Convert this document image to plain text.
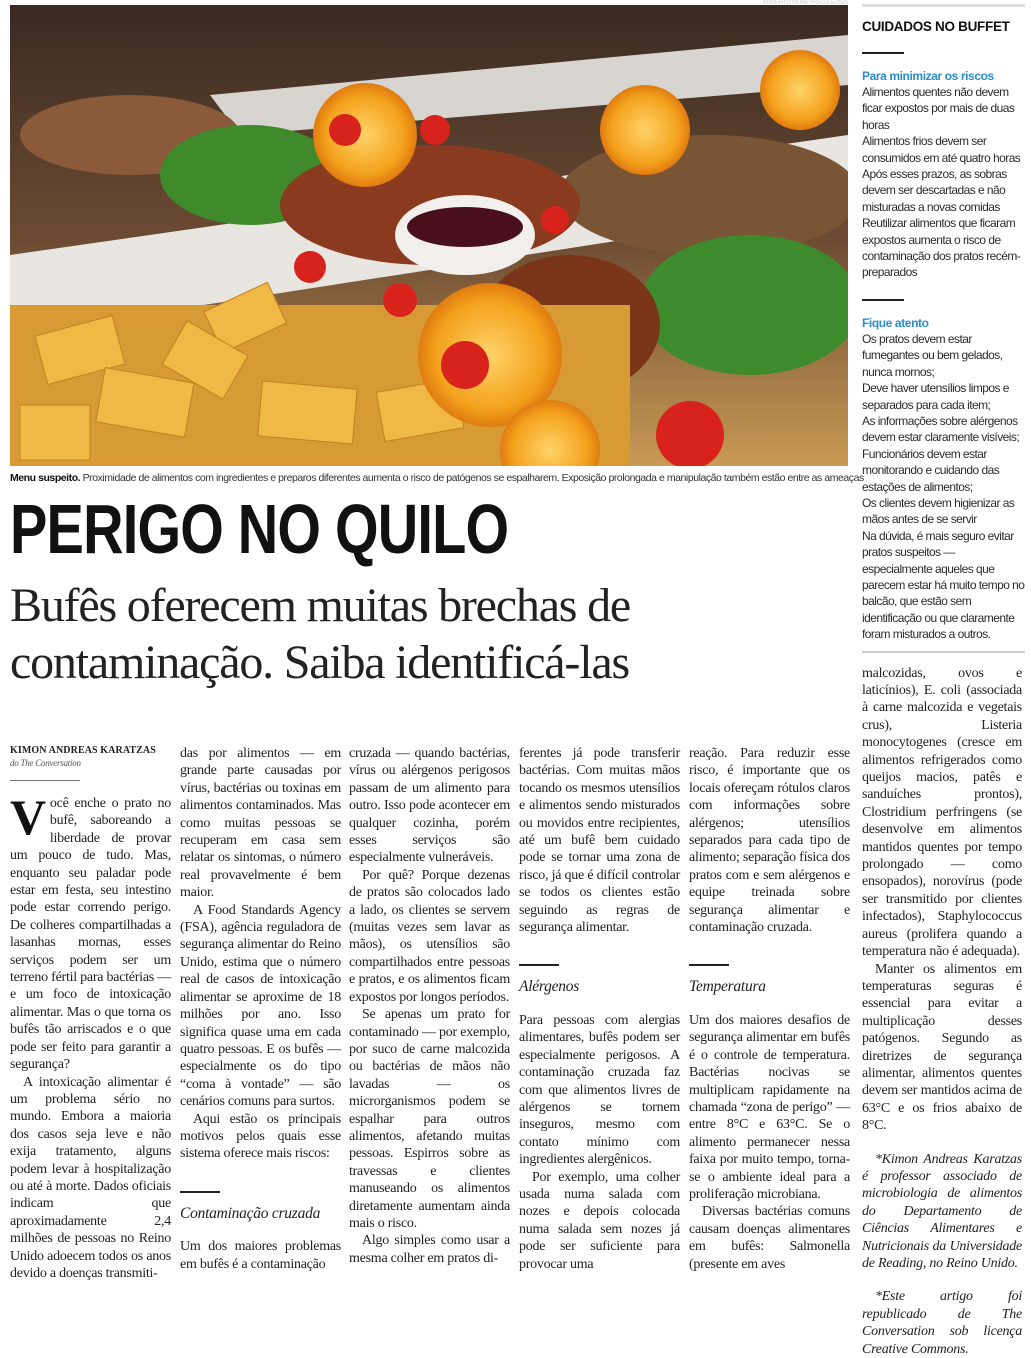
ROBERTO MOREYRA/22-5-2025
Menu suspeito. Proximidade de alimentos com ingredientes e preparos diferentes aumenta o risco de patógenos se espalharem. Exposição prolongada e manipulação também estão entre as ameaças
PERIGO NO QUILO
Bufês oferecem muitas brechas de contaminação. Saiba identificá-las
KIMON ANDREAS KARATZAS
do The Conversation

Você enche o prato no bufê, saboreando a liberdade de provar um pouco de tudo. Mas, enquanto seu paladar pode estar em festa, seu intestino pode estar correndo perigo. De colheres compartilhadas a lasanhas mornas, esses serviços podem ser um terreno fértil para bactérias — e um foco de intoxicação alimentar. Mas o que torna os bufês tão arriscados e o que pode ser feito para garantir a segurança?

A intoxicação alimentar é um problema sério no mundo. Embora a maioria dos casos seja leve e não exija tratamento, alguns podem levar à hospitalização ou até à morte. Dados oficiais indicam que aproximadamente 2,4 milhões de pessoas no Reino Unido adoecem todos os anos devido a doenças transmiti-

das por alimentos — em grande parte causadas por vírus, bactérias ou toxinas em alimentos contaminados. Mas como muitas pessoas se recuperam em casa sem relatar os sintomas, o número real provavelmente é bem maior.

A Food Standards Agency (FSA), agência reguladora de segurança alimentar do Reino Unido, estima que o número real de casos de intoxicação alimentar se aproxime de 18 milhões por ano. Isso significa quase uma em cada quatro pessoas. E os bufês — especialmente os do tipo “coma à vontade” — são cenários comuns para surtos.

Aqui estão os principais motivos pelos quais esse sistema oferece mais riscos:

Contaminação cruzada

Um dos maiores problemas em bufês é a contaminação

cruzada — quando bactérias, vírus ou alérgenos perigosos passam de um alimento para outro. Isso pode acontecer em qualquer cozinha, porém esses serviços são especialmente vulneráveis.

Por quê? Porque dezenas de pratos são colocados lado a lado, os clientes se servem (muitas vezes sem lavar as mãos), os utensílios são compartilhados entre pessoas e pratos, e os alimentos ficam expostos por longos períodos.

Se apenas um prato for contaminado — por exemplo, por suco de carne malcozida ou bactérias de mãos não lavadas — os microrganismos podem se espalhar para outros alimentos, afetando muitas pessoas. Espirros sobre as travessas e clientes manuseando os alimentos diretamente aumentam ainda mais o risco.

Algo simples como usar a mesma colher em pratos di-

ferentes já pode transferir bactérias. Com muitas mãos tocando os mesmos utensílios e alimentos sendo misturados ou movidos entre recipientes, até um bufê bem cuidado pode se tornar uma zona de risco, já que é difícil controlar se todos os clientes estão seguindo as regras de segurança alimentar.

Alérgenos

Para pessoas com alergias alimentares, bufês podem ser especialmente perigosos. A contaminação cruzada faz com que alimentos livres de alérgenos se tornem inseguros, mesmo com contato mínimo com ingredientes alergênicos.

Por exemplo, uma colher usada numa salada com nozes e depois colocada numa salada sem nozes já pode ser suficiente para provocar uma

reação. Para reduzir esse risco, é importante que os locais ofereçam rótulos claros com informações sobre alérgenos; utensílios separados para cada tipo de alimento; separação física dos pratos com e sem alérgenos e equipe treinada sobre segurança alimentar e contaminação cruzada.

Temperatura

Um dos maiores desafios de segurança alimentar em bufês é o controle de temperatura. Bactérias nocivas se multiplicam rapidamente na chamada “zona de perigo” — entre 8°C e 63°C. Se o alimento permanecer nessa faixa por muito tempo, torna-se o ambiente ideal para a proliferação microbiana.

Diversas bactérias comuns causam doenças alimentares em bufês: Salmonella (presente em aves

CUIDADOS NO BUFFET
Para minimizar os riscos
Alimentos quentes não devem ficar expostos por mais de duas horas
Alimentos frios devem ser consumidos em até quatro horas
Após esses prazos, as sobras devem ser descartadas e não misturadas a novas comidas
Reutilizar alimentos que ficaram expostos aumenta o risco de contaminação dos pratos recém-preparados
Fique atento
Os pratos devem estar fumegantes ou bem gelados, nunca mornos;
Deve haver utensílios limpos e separados para cada item;
As informações sobre alérgenos devem estar claramente visíveis;
Funcionários devem estar monitorando e cuidando das estações de alimentos;
Os clientes devem higienizar as mãos antes de se servir
Na dúvida, é mais seguro evitar pratos suspeitos — especialmente aqueles que parecem estar há muito tempo no balcão, que estão sem identificação ou que claramente foram misturados a outros.

malcozidas, ovos e laticínios), E. coli (associada à carne malcozida e vegetais crus), Listeria monocytogenes (cresce em alimentos refrigerados como queijos macios, patês e sanduíches prontos), Clostridium perfringens (se desenvolve em alimentos mantidos quentes por tempo prolongado — como ensopados), norovírus (pode ser transmitido por clientes infectados), Staphylococcus aureus (prolifera quando a temperatura não é adequada).

Manter os alimentos em temperaturas seguras é essencial para evitar a multiplicação desses patógenos. Segundo as diretrizes de segurança alimentar, alimentos quentes devem ser mantidos acima de 63°C e os frios abaixo de 8°C.

*Kimon Andreas Karatzas é professor associado de microbiologia de alimentos do Departamento de Ciências Alimentares e Nutricionais da Universidade de Reading, no Reino Unido.

*Este artigo foi republicado de The Conversation sob licença Creative Commons.
